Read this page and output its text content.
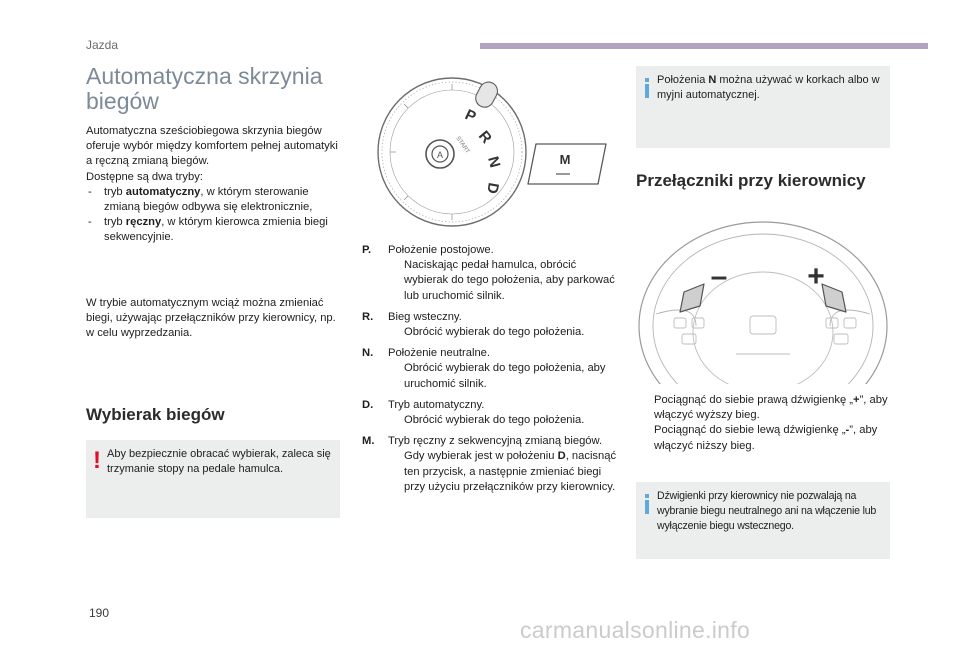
Jazda
Automatyczna skrzynia biegów

Automatyczna sześciobiegowa skrzynia biegów oferuje wybór między komfortem pełnej automatyki a ręczną zmianą biegów.

Dostępne są dwa tryby:

- tryb automatyczny, w którym sterowanie zmianą biegów odbywa się elektronicznie,
- tryb ręczny, w którym kierowca zmienia biegi sekwencyjnie.

W trybie automatycznym wciąż można zmieniać biegi, używając przełączników przy kierownicy, np. w celu wyprzedzania.

Wybierak biegów
! Aby bezpiecznie obracać wybierak, zaleca się trzymanie stopy na pedale hamulca.
A
START
P
R
N
D
M
P. Położenie postojowe.
Naciskając pedał hamulca, obrócić wybierak do tego położenia, aby parkować lub uruchomić silnik.
R. Bieg wsteczny.
Obrócić wybierak do tego położenia.
N. Położenie neutralne.
Obrócić wybierak do tego położenia, aby uruchomić silnik.
D. Tryb automatyczny.
Obrócić wybierak do tego położenia.
M. Tryb ręczny z sekwencyjną zmianą biegów.
Gdy wybierak jest w położeniu D, nacisnąć ten przycisk, a następnie zmieniać biegi przy użyciu przełączników przy kierownicy.
Położenia N można używać w korkach albo w myjni automatycznej.
Przełączniki przy kierownicy
–	+
Pociągnąć do siebie prawą dźwigienkę „+”, aby włączyć wyższy bieg.
Pociągnąć do siebie lewą dźwigienkę „-”, aby włączyć niższy bieg.
Dźwigienki przy kierownicy nie pozwalają na wybranie biegu neutralnego ani na włączenie lub wyłączenie biegu wstecznego.
190
carmanualsonline.info
